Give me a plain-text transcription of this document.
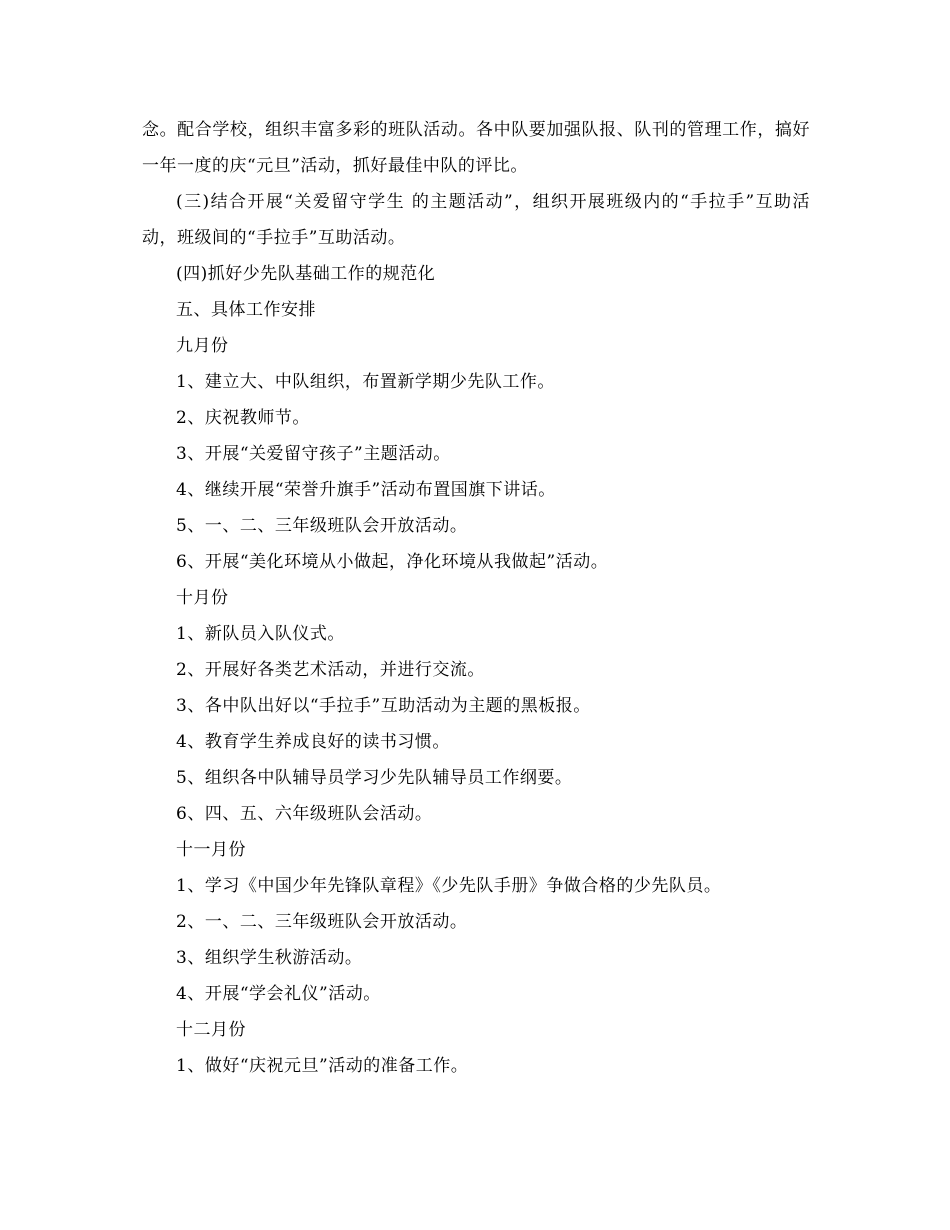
念。配合学校，组织丰富多彩的班队活动。各中队要加强队报、队刊的管理工作，搞好一年一度的庆“元旦”活动，抓好最佳中队的评比。
(三)结合开展“关爱留守学生 的主题活动”，组织开展班级内的“手拉手”互助活动，班级间的“手拉手”互助活动。
(四)抓好少先队基础工作的规范化
五、具体工作安排
九月份
1、建立大、中队组织，布置新学期少先队工作。
2、庆祝教师节。
3、开展“关爱留守孩子”主题活动。
4、继续开展“荣誉升旗手”活动布置国旗下讲话。
5、一、二、三年级班队会开放活动。
6、开展“美化环境从小做起，净化环境从我做起”活动。
十月份
1、新队员入队仪式。
2、开展好各类艺术活动，并进行交流。
3、各中队出好以“手拉手”互助活动为主题的黑板报。
4、教育学生养成良好的读书习惯。
5、组织各中队辅导员学习少先队辅导员工作纲要。
6、四、五、六年级班队会活动。
十一月份
1、学习《中国少年先锋队章程》《少先队手册》争做合格的少先队员。
2、一、二、三年级班队会开放活动。
3、组织学生秋游活动。
4、开展“学会礼仪”活动。
十二月份
1、做好“庆祝元旦”活动的准备工作。
